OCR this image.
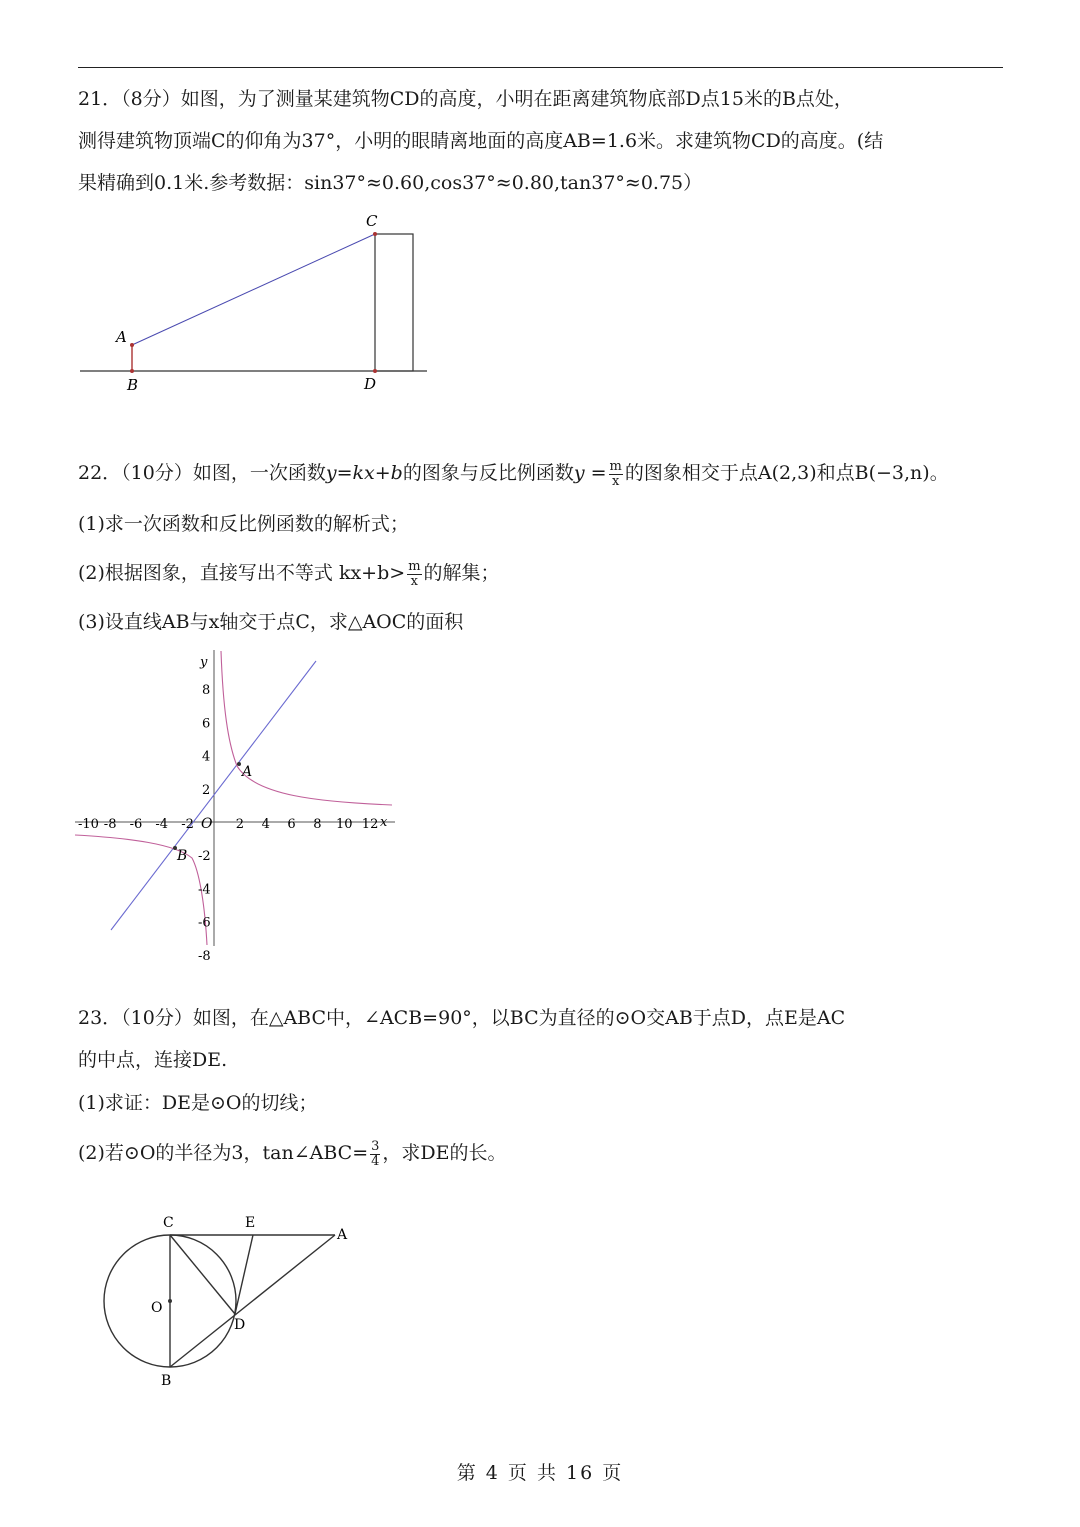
21．（8分）如图，为了测量某建筑物CD的高度，小明在距离建筑物底部D点15米的B点处，
测得建筑物顶端C的仰角为37°，小明的眼睛离地面的高度AB=1.6米。求建筑物CD的高度。(结
果精确到0.1米.参考数据：sin37°≈0.60,cos37°≈0.80,tan37°≈0.75）
A
B
C
D
22．（10分）如图，一次函数y=kx+b的图象与反比例函数$y = \frac{m}{x}$ 的图象相交于点A(2,3)和点B(−3,n)。
(1)求一次函数和反比例函数的解析式；
(2)根据图象，直接写出不等式 $kx+b> \frac{m}{x}$ 的解集；
(3)设直线AB与x轴交于点C，求△AOC的面积
A
B
O	x
y
-10 -8 -6 -4 -2	2 4 6 8 10 12
8
6
4
2
-2
-4
-6
-8
23．（10分）如图，在△ABC中，∠ACB=90°，以BC为直径的⊙O交AB于点D，点E是AC
的中点，连接DE.
(1)求证：DE是⊙O的切线；
(2)若⊙O的半径为3，tan∠ABC= $\frac{3}{4}$ ，求DE的长。
C	E
A
O
D
B
第 4 页 共 16 页
